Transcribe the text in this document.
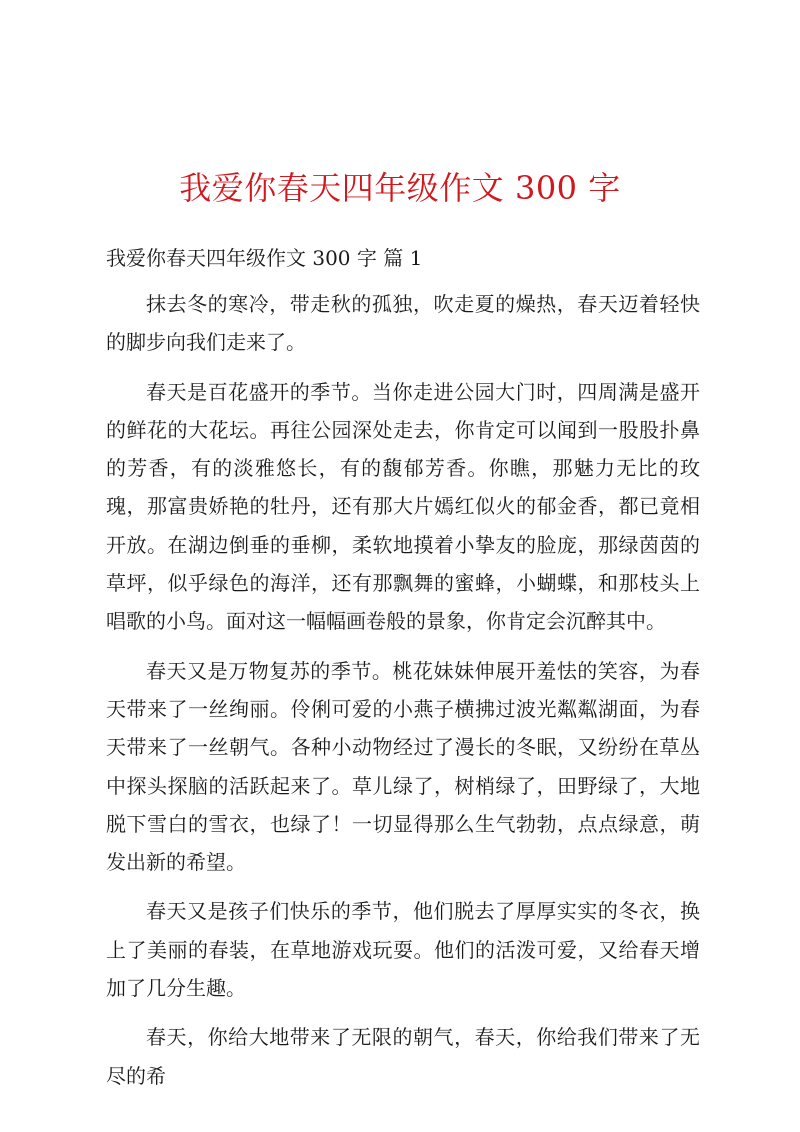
我爱你春天四年级作文 300 字
我爱你春天四年级作文 300 字 篇 1

抹去冬的寒冷，带走秋的孤独，吹走夏的燥热，春天迈着轻快的脚步向我们走来了。

春天是百花盛开的季节。当你走进公园大门时，四周满是盛开的鲜花的大花坛。再往公园深处走去，你肯定可以闻到一股股扑鼻的芳香，有的淡雅悠长，有的馥郁芳香。你瞧，那魅力无比的玫瑰，那富贵娇艳的牡丹，还有那大片嫣红似火的郁金香，都已竟相开放。在湖边倒垂的垂柳，柔软地摸着小挚友的脸庞，那绿茵茵的草坪，似乎绿色的海洋，还有那飘舞的蜜蜂，小蝴蝶，和那枝头上唱歌的小鸟。面对这一幅幅画卷般的景象，你肯定会沉醉其中。

春天又是万物复苏的季节。桃花妹妹伸展开羞怯的笑容，为春天带来了一丝绚丽。伶俐可爱的小燕子横拂过波光粼粼湖面，为春天带来了一丝朝气。各种小动物经过了漫长的冬眠，又纷纷在草丛中探头探脑的活跃起来了。草儿绿了，树梢绿了，田野绿了，大地脱下雪白的雪衣，也绿了！一切显得那么生气勃勃，点点绿意，萌发出新的希望。

春天又是孩子们快乐的季节，他们脱去了厚厚实实的冬衣，换上了美丽的春装，在草地游戏玩耍。他们的活泼可爱，又给春天增加了几分生趣。

春天，你给大地带来了无限的朝气，春天，你给我们带来了无尽的希
